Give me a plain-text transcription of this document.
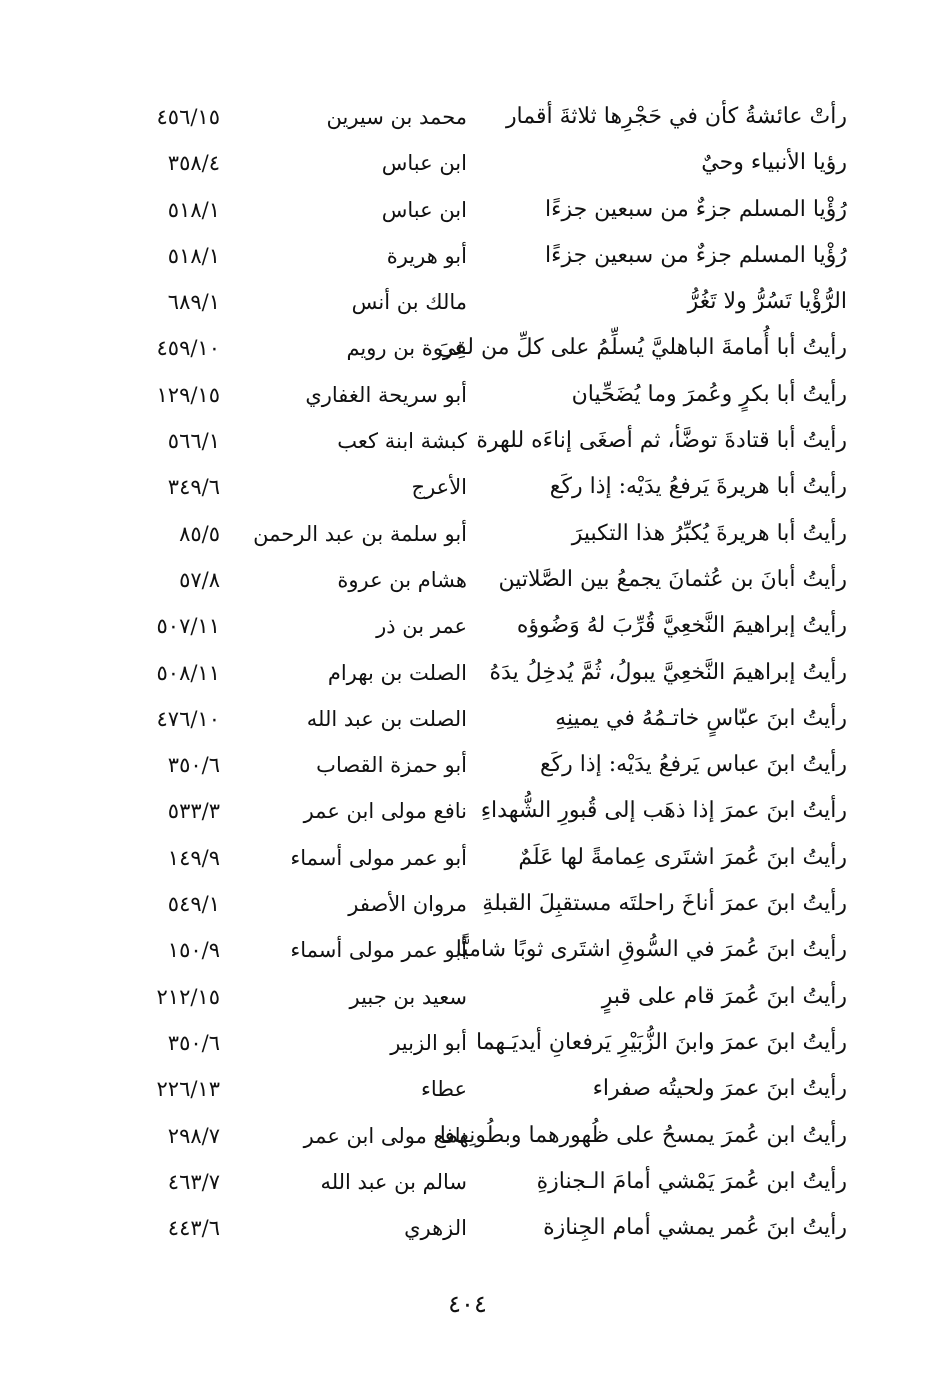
رأتْ عائشةُ كأن في حَجْرِها ثلاثةَ أقمار
محمد بن سيرين
٤٥٦/١٥
رؤيا الأنبياء وحيٌ
ابن عباس
٣٥٨/٤
رُؤْيا المسلم جزءٌ من سبعين جزءًا
ابن عباس
٥١٨/١
رُؤْيا المسلم جزءٌ من سبعين جزءًا
أبو هريرة
٥١٨/١
الرُّؤْيا تَسُرُّ ولا تَغُرُّ
مالك بن أنس
٦٨٩/١
رأيتُ أبا أُمامةَ الباهليَّ يُسلِّمُ على كلِّ من لقِيَ
عروة بن رويم
٤٥٩/١٠
رأيتُ أبا بكرٍ وعُمرَ وما يُضَحِّيان
أبو سريحة الغفاري
١٢٩/١٥
رأيتُ أبا قتادةَ توضَّأ، ثم أصغَى إناءَه للهرة
كبشة ابنة كعب
٥٦٦/١
رأيتُ أبا هريرةَ يَرفعُ يدَيْه: إذا ركَع
الأعرج
٣٤٩/٦
رأيتُ أبا هريرةَ يُكبِّرُ هذا التكبيرَ
أبو سلمة بن عبد الرحمن
٨٥/٥
رأيتُ أبانَ بن عُثمانَ يجمعُ بين الصَّلاتين
هشام بن عروة
٥٧/٨
رأيتُ إبراهيمَ النَّخعِيَّ قُرِّبَ لهُ وَضُوؤه
عمر بن ذر
٥٠٧/١١
رأيتُ إبراهيمَ النَّخعِيَّ يبولُ، ثُمَّ يُدخِلُ يدَهُ
الصلت بن بهرام
٥٠٨/١١
رأيتُ ابنَ عبّاسٍ خاتـمُهُ في يمينِهِ
الصلت بن عبد الله
٤٧٦/١٠
رأيتُ ابنَ عباس يَرفعُ يدَيْه: إذا ركَع
أبو حمزة القصاب
٣٥٠/٦
رأيتُ ابنَ عمرَ إذا ذهَب إلى قُبورِ الشُّهداءِ
نافع مولى ابن عمر
٥٣٣/٣
رأيتُ ابنَ عُمرَ اشتَرى عِمامةً لها عَلَمٌ
أبو عمر مولى أسماء
١٤٩/٩
رأيتُ ابنَ عمرَ أناخَ راحلتَه مستقبِلَ القبلةِ
مروان الأصفر
٥٤٩/١
رأيتُ ابنَ عُمرَ في السُّوقِ اشتَرى ثوبًا شاميًّا
أبو عمر مولى أسماء
١٥٠/٩
رأيتُ ابنَ عُمرَ قام على قبرٍ
سعيد بن جبير
٢١٢/١٥
رأيتُ ابنَ عمرَ وابنَ الزُّبَيْرِ يَرفعانِ أيديَـهما
أبو الزبير
٣٥٠/٦
رأيتُ ابنَ عمرَ ولحيتُه صفراء
عطاء
٢٢٦/١٣
رأيتُ ابن عُمرَ يمسحُ على ظُهورهما وبطُونِهما
نافع مولى ابن عمر
٢٩٨/٧
رأيتُ ابن عُمرَ يَمْشي أمامَ الـجنازةِ
سالم بن عبد الله
٤٦٣/٧
رأيتُ ابنَ عُمر يمشي أمام الجِنازة
الزهري
٤٤٣/٦
٤٠٤
